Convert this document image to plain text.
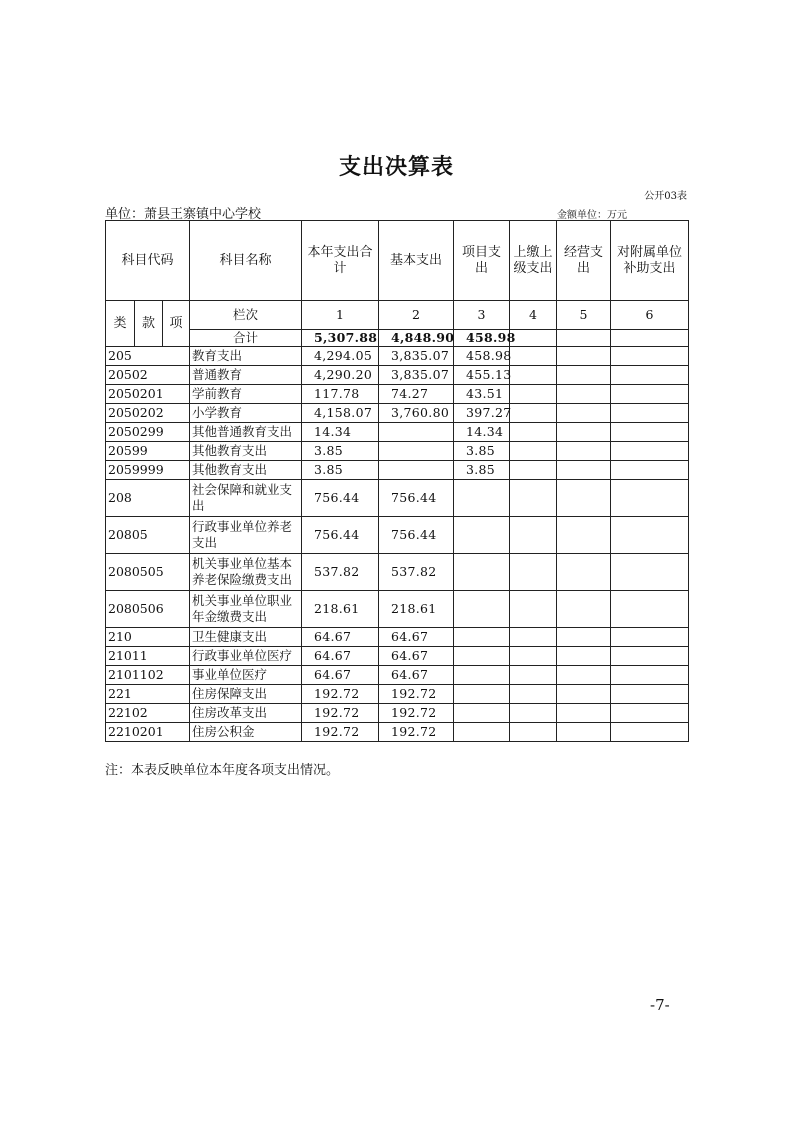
支出决算表
公开03表
单位：萧县王寨镇中心学校	金额单位：万元
科目代码			科目名称	本年支出合计	基本支出	项目支出	上缴上级支出	经营支出	对附属单位补助支出
类	款	项	栏次	1	2	3	4	5	6
			合计	5,307.88	4,848.90	458.98			
205			教育支出	4,294.05	3,835.07	458.98			
20502			普通教育	4,290.20	3,835.07	455.13			
2050201			学前教育	117.78	74.27	43.51			
2050202			小学教育	4,158.07	3,760.80	397.27			
2050299			其他普通教育支出	14.34		14.34			
20599			其他教育支出	3.85		3.85			
2059999			其他教育支出	3.85		3.85			
208			社会保障和就业支出	756.44	756.44				
20805			行政事业单位养老支出	756.44	756.44				
2080505			机关事业单位基本养老保险缴费支出	537.82	537.82				
2080506			机关事业单位职业年金缴费支出	218.61	218.61				
210			卫生健康支出	64.67	64.67				
21011			行政事业单位医疗	64.67	64.67				
2101102			事业单位医疗	64.67	64.67				
221			住房保障支出	192.72	192.72				
22102			住房改革支出	192.72	192.72				
2210201			住房公积金	192.72	192.72				
注：本表反映单位本年度各项支出情况。
-7-
